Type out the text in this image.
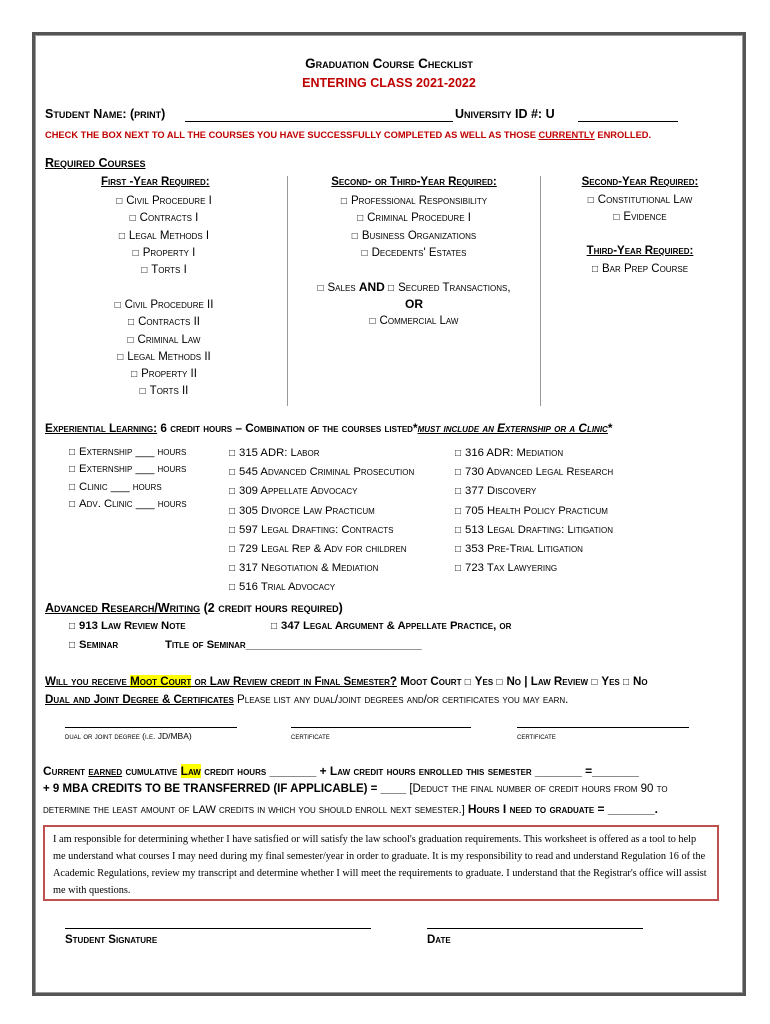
Graduation Course Checklist
ENTERING CLASS 2021-2022
Student Name: (print)	University ID #: U
CHECK THE BOX NEXT TO ALL THE COURSES YOU HAVE SUCCESSFULLY COMPLETED AS WELL AS THOSE CURRENTLY ENROLLED.
Required Courses
First -Year Required:
□ Civil Procedure I
□ Contracts I
□ Legal Methods I
□ Property I
□ Torts I
□ Civil Procedure II
□ Contracts II
□ Criminal Law
□ Legal Methods II
□ Property II
□ Torts II
Second- or Third-Year Required:
□ Professional Responsibility
□ Criminal Procedure I
□ Business Organizations
□ Decedents' Estates
□ Sales AND □ Secured Transactions,
OR
□ Commercial Law
Second-Year Required:
□ Constitutional Law
□ Evidence
Third-Year Required:
□ Bar Prep Course
Experiential Learning: 6 credit hours – Combination of the courses listed*must include an Externship or a Clinic*
□ Externship ___ hours
□ Externship ___ hours
□ Clinic ___ hours
□ Adv. Clinic ___ hours
□ 315 ADR: Labor
□ 545 Advanced Criminal Prosecution
□ 309 Appellate Advocacy
□ 305 Divorce Law Practicum
□ 597 Legal Drafting: Contracts
□ 729 Legal Rep & Adv for children
□ 317 Negotiation & Mediation
□ 516 Trial Advocacy
□ 316 ADR: Mediation
□ 730 Advanced Legal Research
□ 377 Discovery
□ 705 Health Policy Practicum
□ 513 Legal Drafting: Litigation
□ 353 Pre-Trial Litigation
□ 723 Tax Lawyering
Advanced Research/Writing (2 credit hours required)
□ 913 Law Review Note	□ 347 Legal Argument & Appellate Practice, or
□ Seminar	Title of Seminar____________________________
Will you receive Moot Court or Law Review credit in Final Semester? Moot Court □ Yes □ No | Law Review □ Yes □ No
Dual and Joint Degree & Certificates Please list any dual/joint degrees and/or certificates you may earn.
dual or joint degree (i.e. JD/MBA)	certificate	certificate
Current earned cumulative Law credit hours _______ + Law credit hours enrolled this semester _______ =_______
+ 9 MBA CREDITS TO BE TRANSFERRED (IF APPLICABLE) = ____ [Deduct the final number of credit hours from 90 to
determine the least amount of LAW credits in which you should enroll next semester.] Hours I need to graduate = _______.
I am responsible for determining whether I have satisfied or will satisfy the law school's graduation requirements. This worksheet is offered as a tool to help me understand what courses I may need during my final semester/year in order to graduate. It is my responsibility to read and understand Regulation 16 of the Academic Regulations, review my transcript and determine whether I will meet the requirements to graduate. I understand that the Registrar's office will assist me with questions.
Student Signature	Date
